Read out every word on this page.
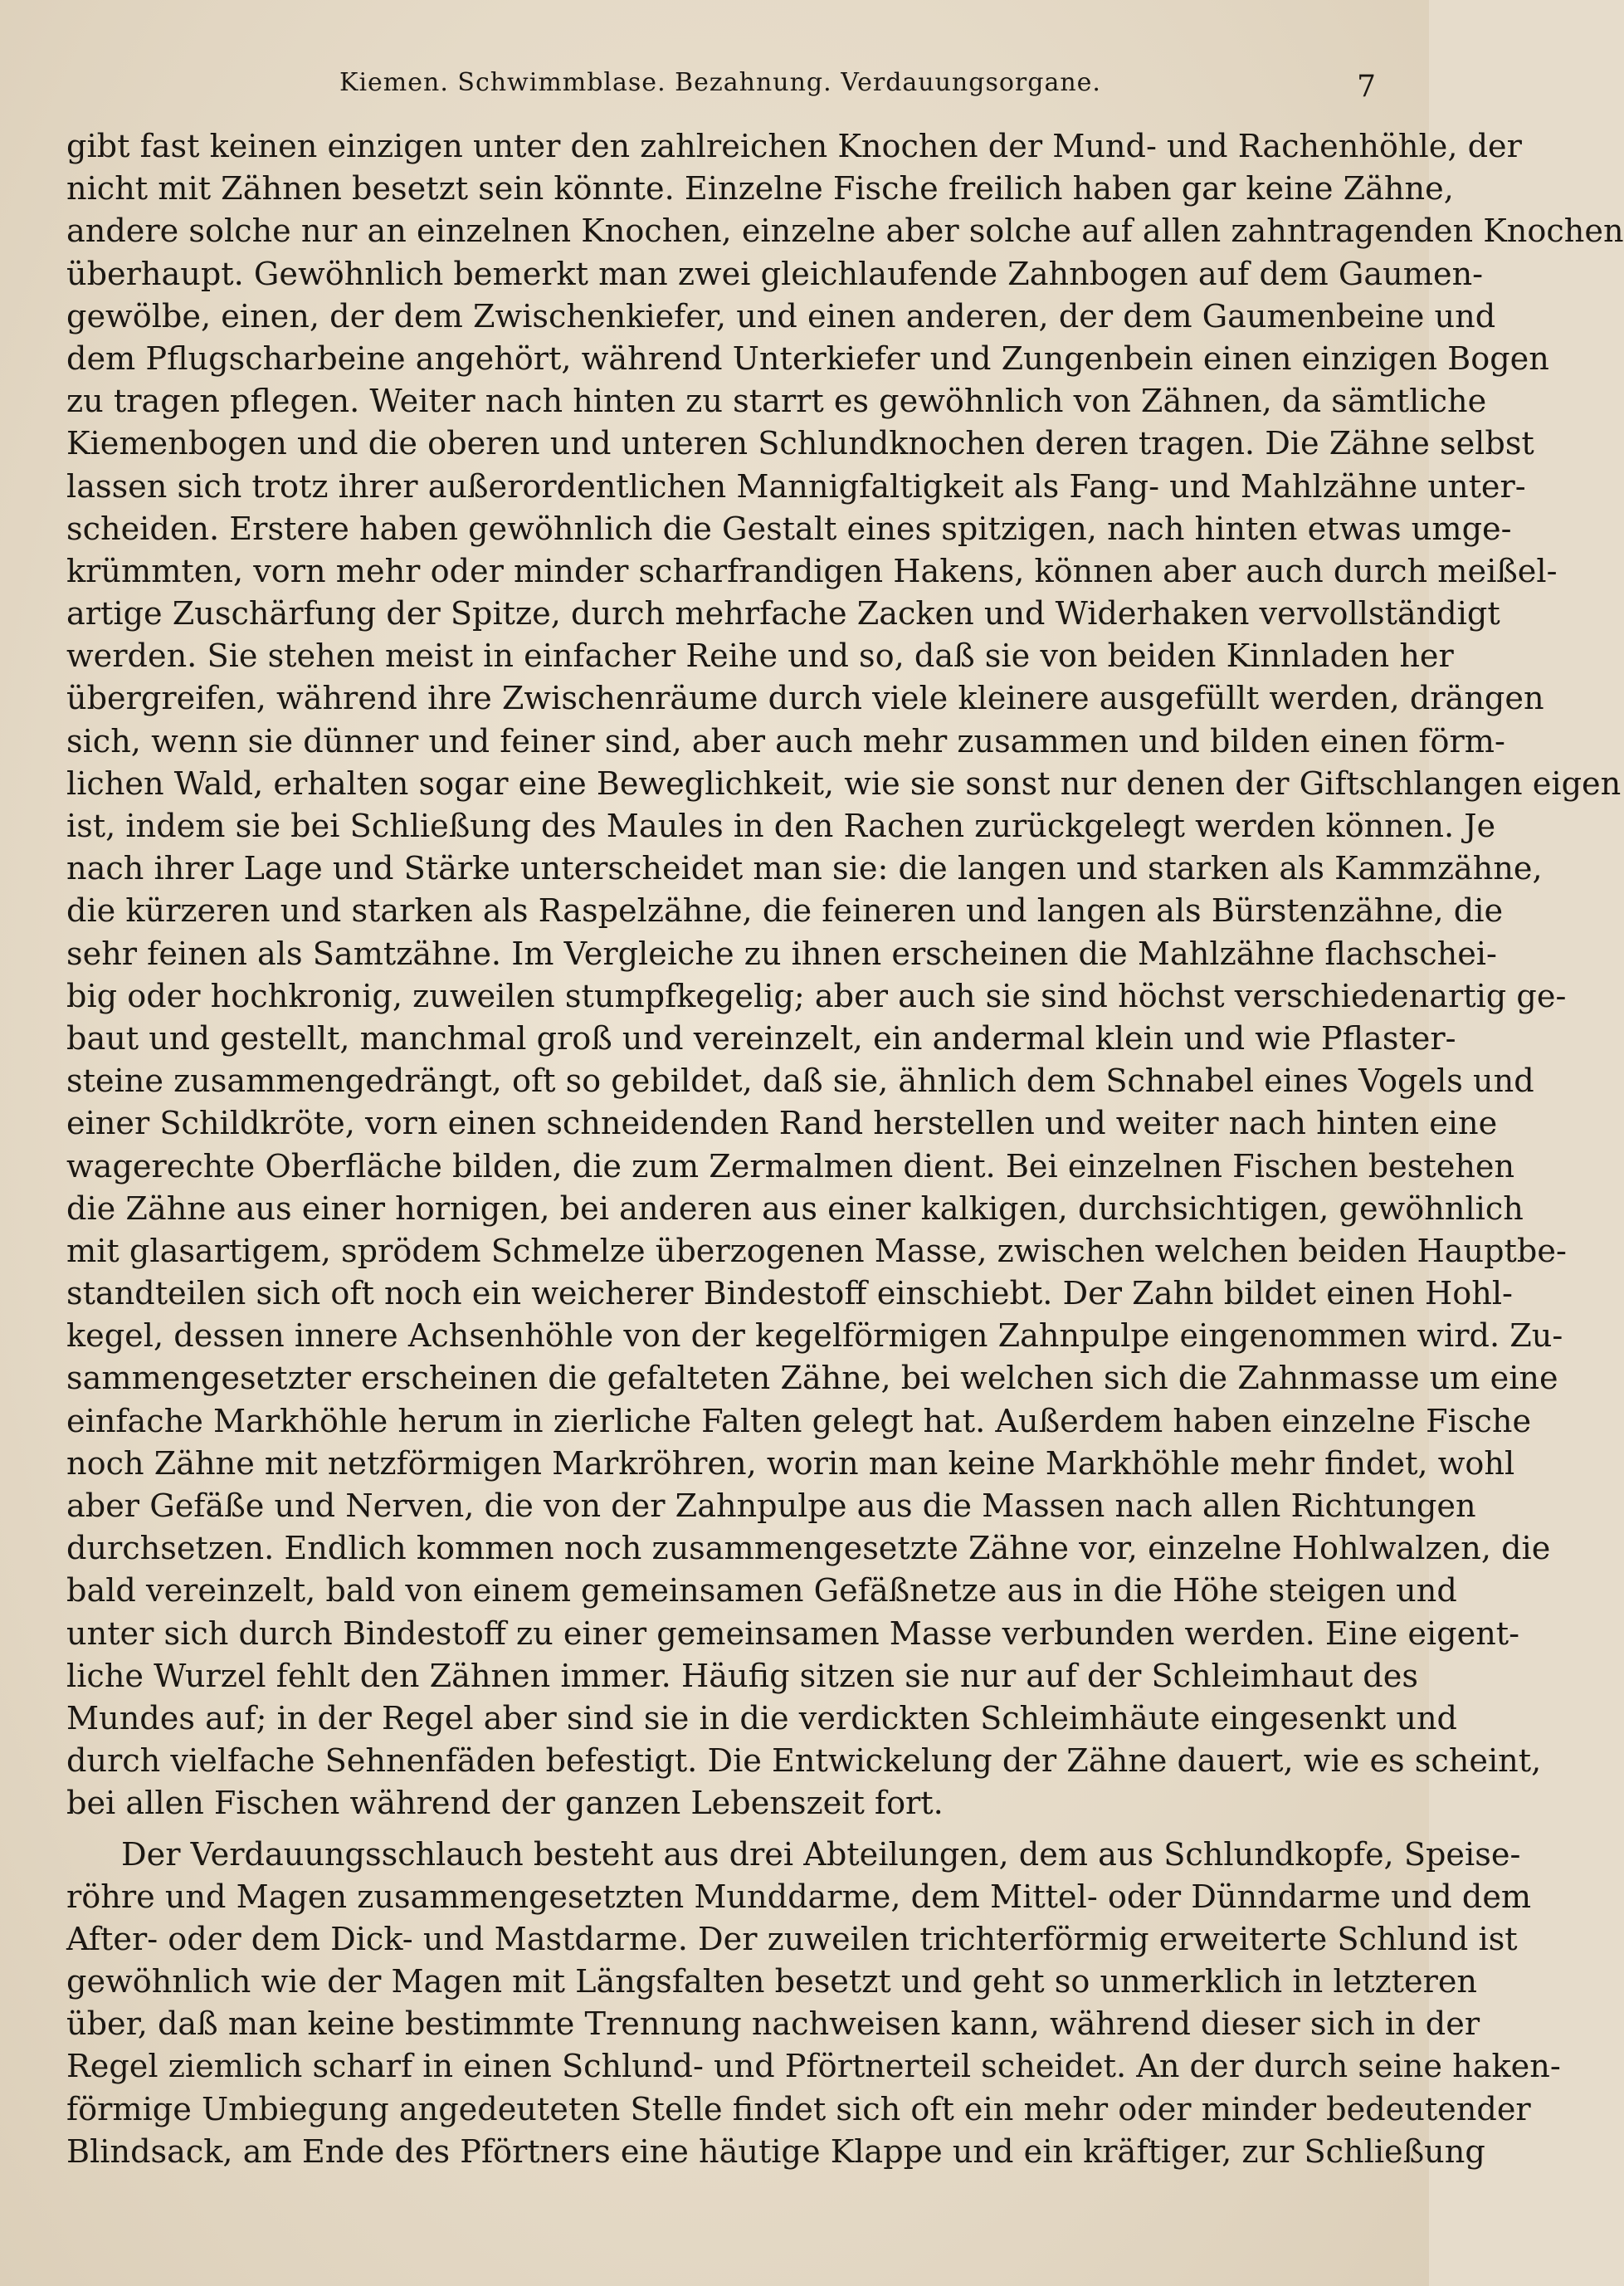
Kiemen. Schwimmblase. Bezahnung. Verdauungsorgane.	7
gibt fast keinen einzigen unter den zahlreichen Knochen der Mund- und Rachenhöhle, der
nicht mit Zähnen besetzt sein könnte. Einzelne Fische freilich haben gar keine Zähne,
andere solche nur an einzelnen Knochen, einzelne aber solche auf allen zahntragenden Knochen
überhaupt. Gewöhnlich bemerkt man zwei gleichlaufende Zahnbogen auf dem Gaumen-
gewölbe, einen, der dem Zwischenkiefer, und einen anderen, der dem Gaumenbeine und
dem Pflugscharbeine angehört, während Unterkiefer und Zungenbein einen einzigen Bogen
zu tragen pflegen. Weiter nach hinten zu starrt es gewöhnlich von Zähnen, da sämtliche
Kiemenbogen und die oberen und unteren Schlundknochen deren tragen. Die Zähne selbst
lassen sich trotz ihrer außerordentlichen Mannigfaltigkeit als Fang- und Mahlzähne unter-
scheiden. Erstere haben gewöhnlich die Gestalt eines spitzigen, nach hinten etwas umge-
krümmten, vorn mehr oder minder scharfrandigen Hakens, können aber auch durch meißel-
artige Zuschärfung der Spitze, durch mehrfache Zacken und Widerhaken vervollständigt
werden. Sie stehen meist in einfacher Reihe und so, daß sie von beiden Kinnladen her
übergreifen, während ihre Zwischenräume durch viele kleinere ausgefüllt werden, drängen
sich, wenn sie dünner und feiner sind, aber auch mehr zusammen und bilden einen förm-
lichen Wald, erhalten sogar eine Beweglichkeit, wie sie sonst nur denen der Giftschlangen eigen
ist, indem sie bei Schließung des Maules in den Rachen zurückgelegt werden können. Je
nach ihrer Lage und Stärke unterscheidet man sie: die langen und starken als Kammzähne,
die kürzeren und starken als Raspelzähne, die feineren und langen als Bürstenzähne, die
sehr feinen als Samtzähne. Im Vergleiche zu ihnen erscheinen die Mahlzähne flachschei-
big oder hochkronig, zuweilen stumpfkegelig; aber auch sie sind höchst verschiedenartig ge-
baut und gestellt, manchmal groß und vereinzelt, ein andermal klein und wie Pflaster-
steine zusammengedrängt, oft so gebildet, daß sie, ähnlich dem Schnabel eines Vogels und
einer Schildkröte, vorn einen schneidenden Rand herstellen und weiter nach hinten eine
wagerechte Oberfläche bilden, die zum Zermalmen dient. Bei einzelnen Fischen bestehen
die Zähne aus einer hornigen, bei anderen aus einer kalkigen, durchsichtigen, gewöhnlich
mit glasartigem, sprödem Schmelze überzogenen Masse, zwischen welchen beiden Hauptbe-
standteilen sich oft noch ein weicherer Bindestoff einschiebt. Der Zahn bildet einen Hohl-
kegel, dessen innere Achsenhöhle von der kegelförmigen Zahnpulpe eingenommen wird. Zu-
sammengesetzter erscheinen die gefalteten Zähne, bei welchen sich die Zahnmasse um eine
einfache Markhöhle herum in zierliche Falten gelegt hat. Außerdem haben einzelne Fische
noch Zähne mit netzförmigen Markröhren, worin man keine Markhöhle mehr findet, wohl
aber Gefäße und Nerven, die von der Zahnpulpe aus die Massen nach allen Richtungen
durchsetzen. Endlich kommen noch zusammengesetzte Zähne vor, einzelne Hohlwalzen, die
bald vereinzelt, bald von einem gemeinsamen Gefäßnetze aus in die Höhe steigen und
unter sich durch Bindestoff zu einer gemeinsamen Masse verbunden werden. Eine eigent-
liche Wurzel fehlt den Zähnen immer. Häufig sitzen sie nur auf der Schleimhaut des
Mundes auf; in der Regel aber sind sie in die verdickten Schleimhäute eingesenkt und
durch vielfache Sehnenfäden befestigt. Die Entwickelung der Zähne dauert, wie es scheint,
bei allen Fischen während der ganzen Lebenszeit fort.
Der Verdauungsschlauch besteht aus drei Abteilungen, dem aus Schlundkopfe, Speise-
röhre und Magen zusammengesetzten Munddarme, dem Mittel- oder Dünndarme und dem
After- oder dem Dick- und Mastdarme. Der zuweilen trichterförmig erweiterte Schlund ist
gewöhnlich wie der Magen mit Längsfalten besetzt und geht so unmerklich in letzteren
über, daß man keine bestimmte Trennung nachweisen kann, während dieser sich in der
Regel ziemlich scharf in einen Schlund- und Pförtnerteil scheidet. An der durch seine haken-
förmige Umbiegung angedeuteten Stelle findet sich oft ein mehr oder minder bedeutender
Blindsack, am Ende des Pförtners eine häutige Klappe und ein kräftiger, zur Schließung
